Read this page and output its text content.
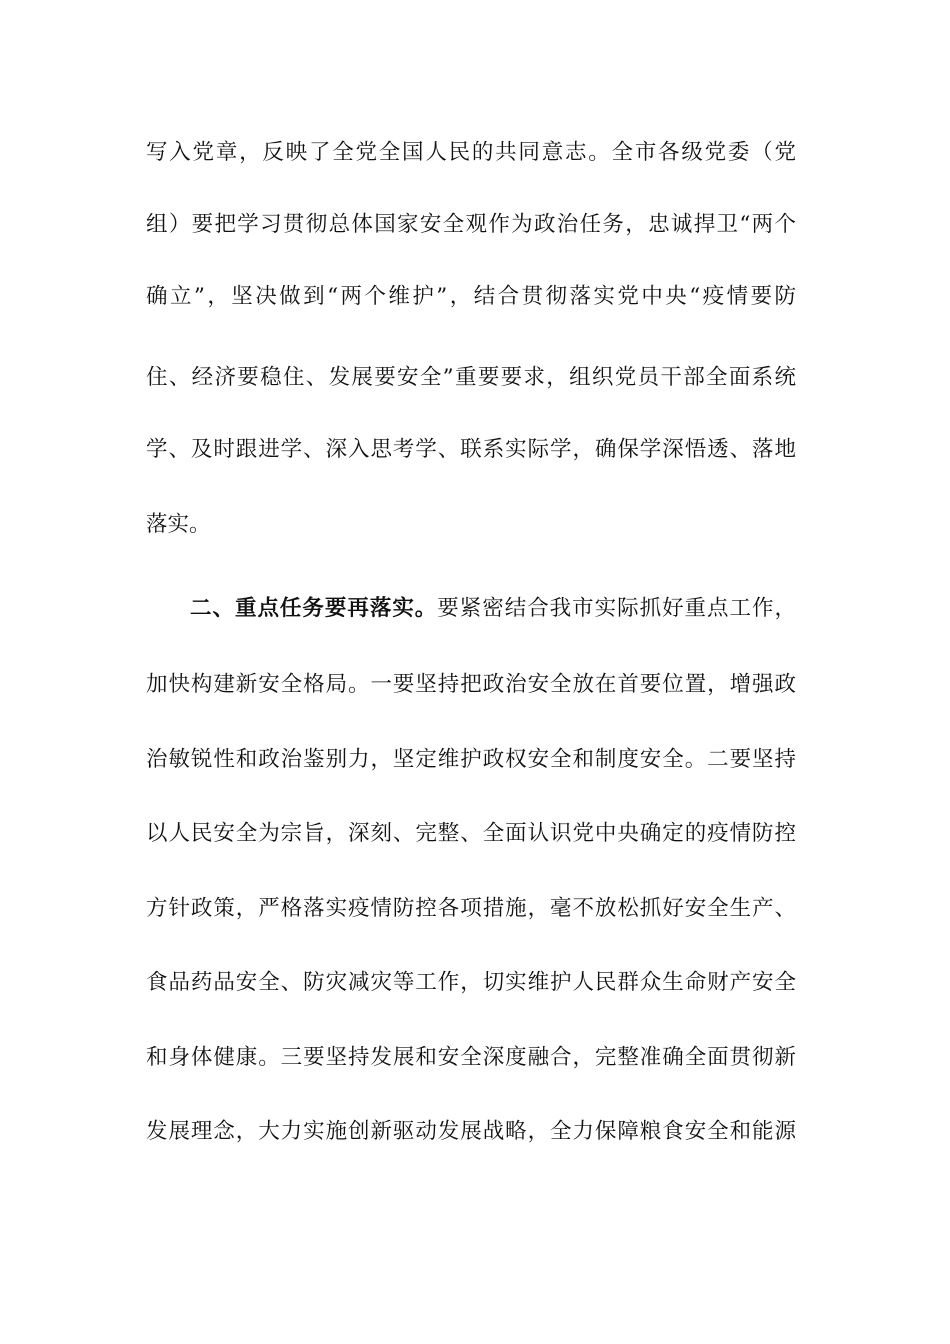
写入党章，反映了全党全国人民的共同意志。全市各级党委（党
组）要把学习贯彻总体国家安全观作为政治任务，忠诚捍卫“两个
确立”，坚决做到“两个维护”，结合贯彻落实党中央“疫情要防
住、经济要稳住、发展要安全”重要要求，组织党员干部全面系统
学、及时跟进学、深入思考学、联系实际学，确保学深悟透、落地
落实。
二、重点任务要再落实。要紧密结合我市实际抓好重点工作，
加快构建新安全格局。一要坚持把政治安全放在首要位置，增强政
治敏锐性和政治鉴别力，坚定维护政权安全和制度安全。二要坚持
以人民安全为宗旨，深刻、完整、全面认识党中央确定的疫情防控
方针政策，严格落实疫情防控各项措施，毫不放松抓好安全生产、
食品药品安全、防灾减灾等工作，切实维护人民群众生命财产安全
和身体健康。三要坚持发展和安全深度融合，完整准确全面贯彻新
发展理念，大力实施创新驱动发展战略，全力保障粮食安全和能源
